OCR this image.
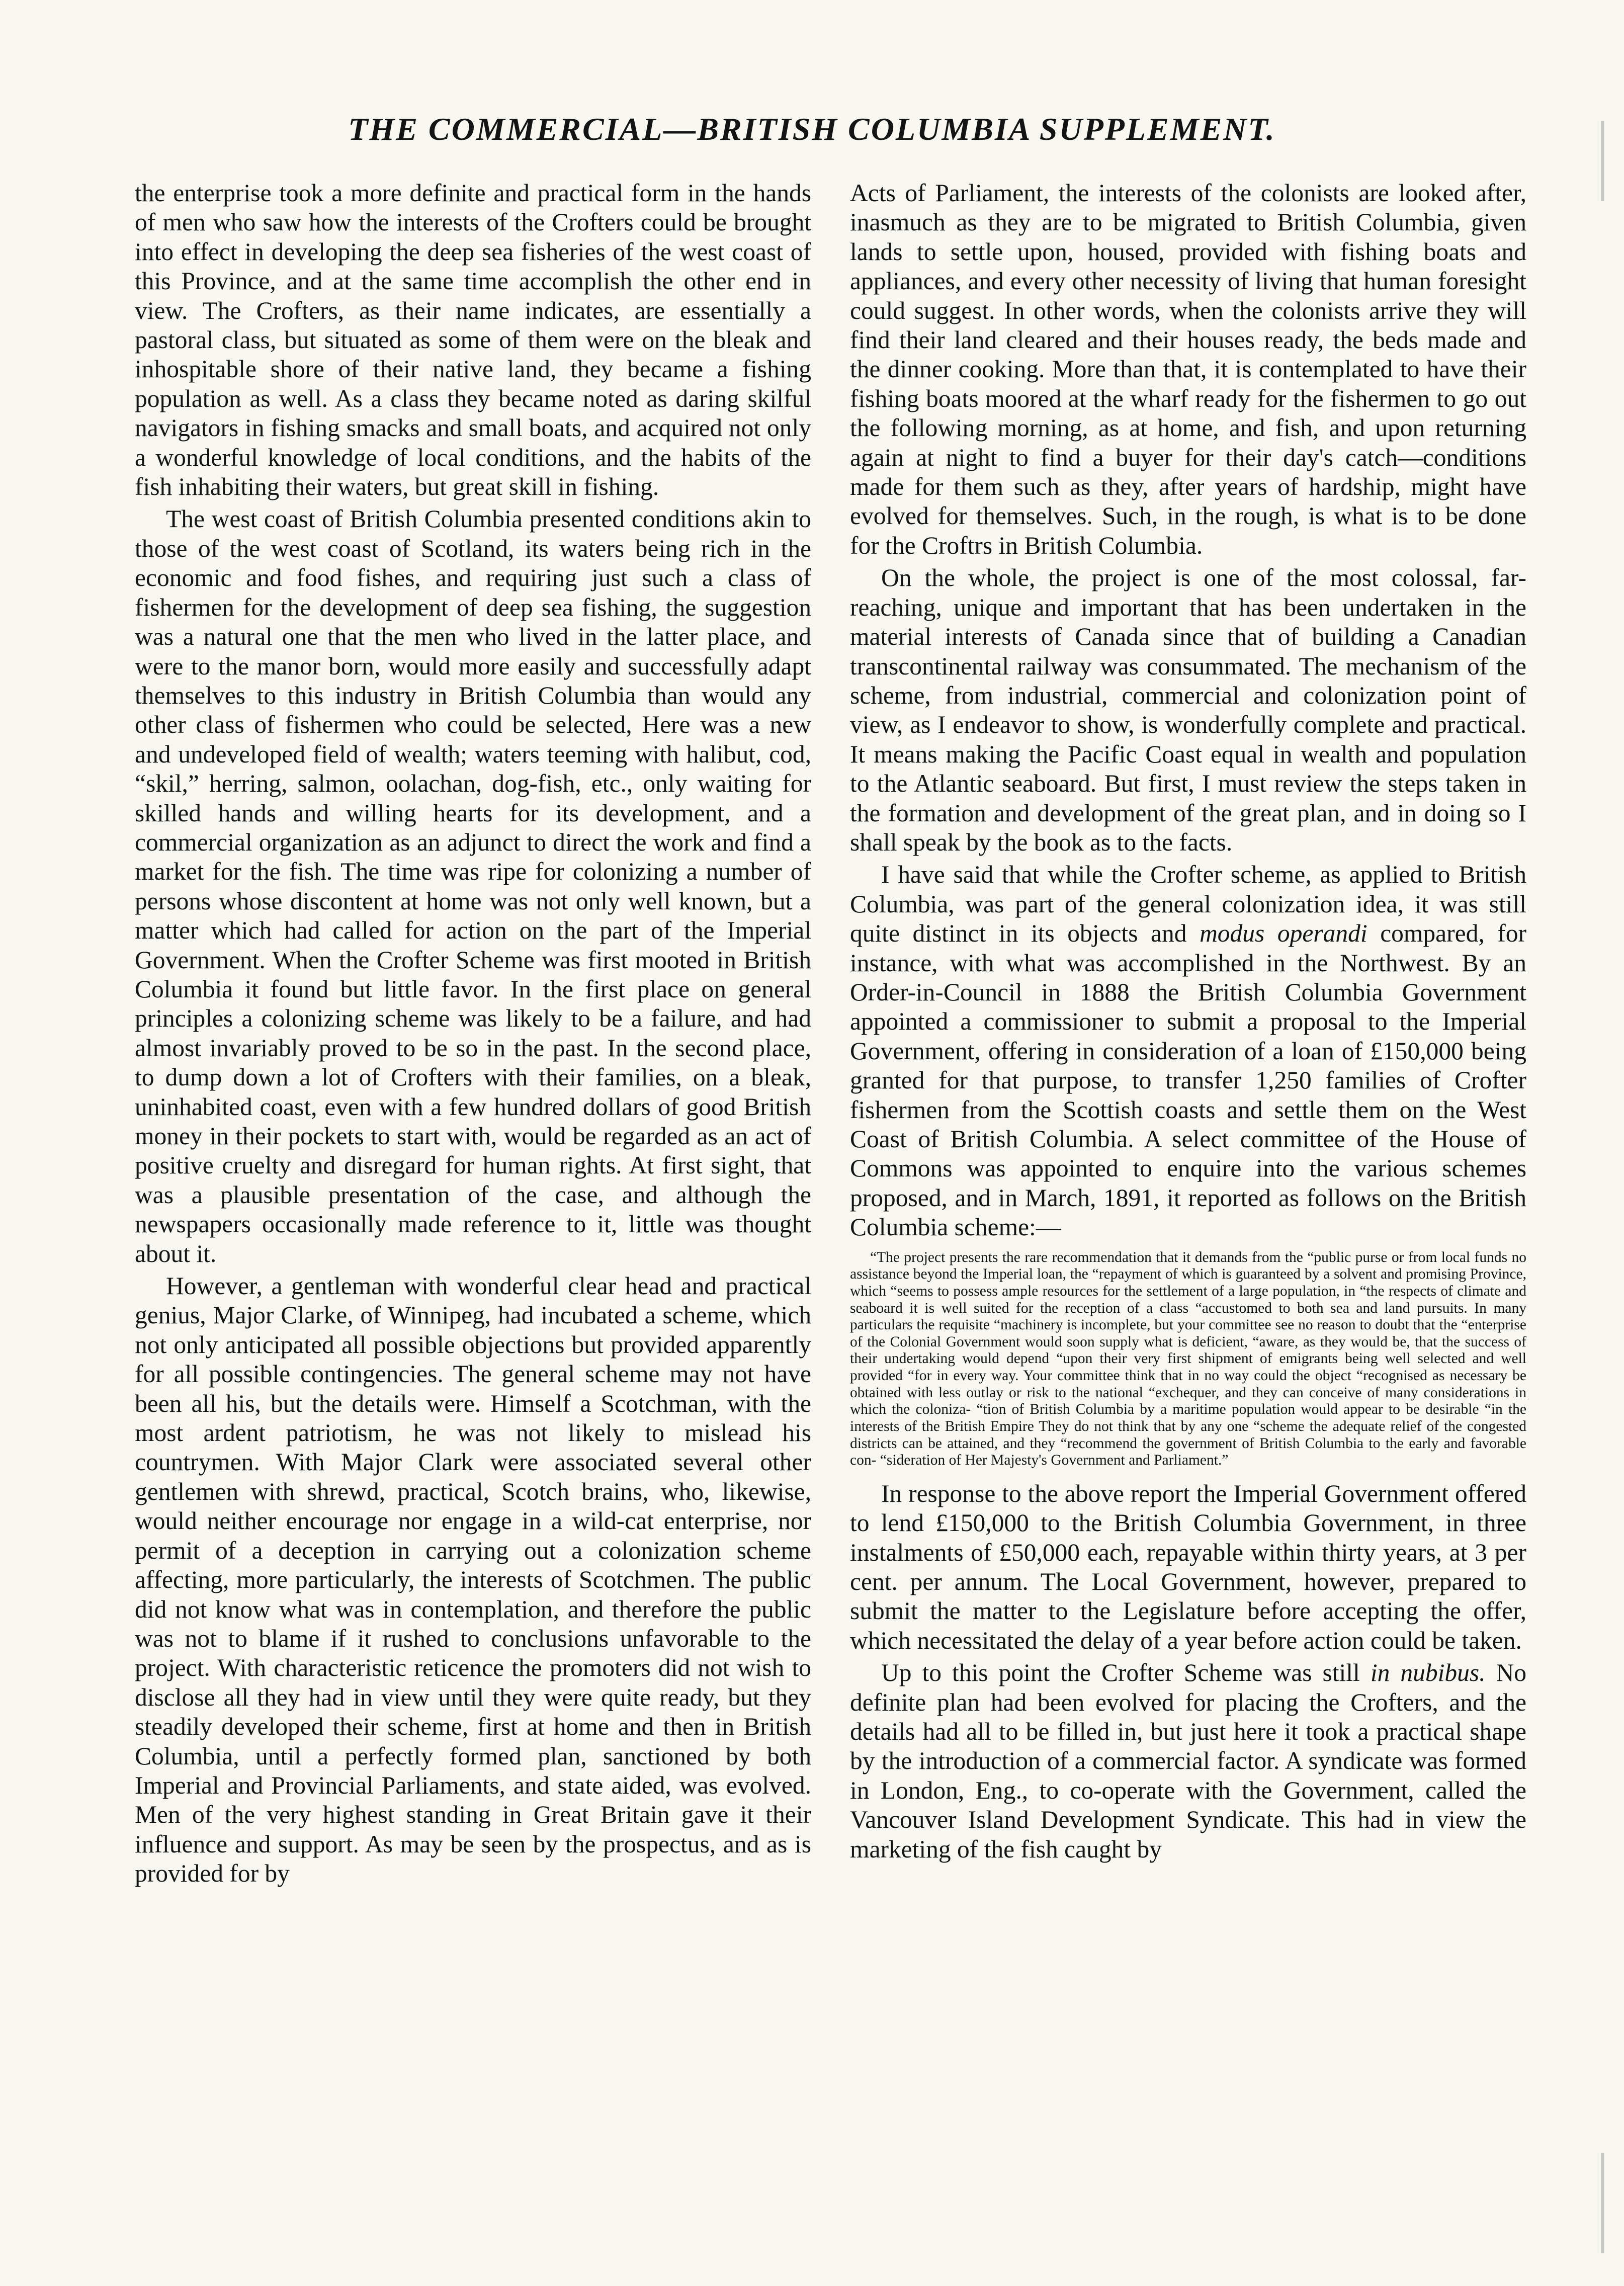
THE COMMERCIAL—BRITISH COLUMBIA SUPPLEMENT.

the enterprise took a more definite and practical form in the hands of men who saw how the interests of the Crofters could be brought into effect in developing the deep sea fisheries of the west coast of this Province, and at the same time accomplish the other end in view. The Crofters, as their name indicates, are essentially a pastoral class, but situated as some of them were on the bleak and inhospitable shore of their native land, they became a fishing population as well. As a class they became noted as daring skilful navigators in fishing smacks and small boats, and acquired not only a wonderful knowledge of local conditions, and the habits of the fish inhabiting their waters, but great skill in fishing.

The west coast of British Columbia presented conditions akin to those of the west coast of Scotland, its waters being rich in the economic and food fishes, and requiring just such a class of fishermen for the development of deep sea fishing, the suggestion was a natural one that the men who lived in the latter place, and were to the manor born, would more easily and successfully adapt themselves to this industry in British Columbia than would any other class of fishermen who could be selected, Here was a new and undeveloped field of wealth; waters teeming with halibut, cod, “skil,” herring, salmon, oolachan, dog-fish, etc., only waiting for skilled hands and willing hearts for its development, and a commercial organization as an adjunct to direct the work and find a market for the fish. The time was ripe for colonizing a number of persons whose discontent at home was not only well known, but a matter which had called for action on the part of the Imperial Government. When the Crofter Scheme was first mooted in British Columbia it found but little favor. In the first place on general principles a colonizing scheme was likely to be a failure, and had almost invariably proved to be so in the past. In the second place, to dump down a lot of Crofters with their families, on a bleak, uninhabited coast, even with a few hundred dollars of good British money in their pockets to start with, would be regarded as an act of positive cruelty and disregard for human rights. At first sight, that was a plausible presentation of the case, and although the newspapers occasionally made reference to it, little was thought about it.

However, a gentleman with wonderful clear head and practical genius, Major Clarke, of Winnipeg, had incubated a scheme, which not only anticipated all possible objections but provided apparently for all possible contingencies. The general scheme may not have been all his, but the details were. Himself a Scotchman, with the most ardent patriotism, he was not likely to mislead his countrymen. With Major Clark were associated several other gentlemen with shrewd, practical, Scotch brains, who, likewise, would neither encourage nor engage in a wild-cat enterprise, nor permit of a deception in carrying out a colonization scheme affecting, more particularly, the interests of Scotchmen. The public did not know what was in contemplation, and therefore the public was not to blame if it rushed to conclusions unfavorable to the project. With characteristic reticence the promoters did not wish to disclose all they had in view until they were quite ready, but they steadily developed their scheme, first at home and then in British Columbia, until a perfectly formed plan, sanctioned by both Imperial and Provincial Parliaments, and state aided, was evolved. Men of the very highest standing in Great Britain gave it their influence and support. As may be seen by the prospectus, and as is provided for by

Acts of Parliament, the interests of the colonists are looked after, inasmuch as they are to be migrated to British Columbia, given lands to settle upon, housed, provided with fishing boats and appliances, and every other necessity of living that human foresight could suggest. In other words, when the colonists arrive they will find their land cleared and their houses ready, the beds made and the dinner cooking. More than that, it is contemplated to have their fishing boats moored at the wharf ready for the fishermen to go out the following morning, as at home, and fish, and upon returning again at night to find a buyer for their day's catch—conditions made for them such as they, after years of hardship, might have evolved for themselves. Such, in the rough, is what is to be done for the Croftrs in British Columbia.

On the whole, the project is one of the most colossal, far-reaching, unique and important that has been undertaken in the material interests of Canada since that of building a Canadian transcontinental railway was consummated. The mechanism of the scheme, from industrial, commercial and colonization point of view, as I endeavor to show, is wonderfully complete and practical. It means making the Pacific Coast equal in wealth and population to the Atlantic seaboard. But first, I must review the steps taken in the formation and development of the great plan, and in doing so I shall speak by the book as to the facts.

I have said that while the Crofter scheme, as applied to British Columbia, was part of the general colonization idea, it was still quite distinct in its objects and modus operandi compared, for instance, with what was accomplished in the Northwest. By an Order-in-Council in 1888 the British Columbia Government appointed a commissioner to submit a proposal to the Imperial Government, offering in consideration of a loan of £150,000 being granted for that purpose, to transfer 1,250 families of Crofter fishermen from the Scottish coasts and settle them on the West Coast of British Columbia. A select committee of the House of Commons was appointed to enquire into the various schemes proposed, and in March, 1891, it reported as follows on the British Columbia scheme:—

“The project presents the rare recommendation that it demands from the “public purse or from local funds no assistance beyond the Imperial loan, the “repayment of which is guaranteed by a solvent and promising Province, which “seems to possess ample resources for the settlement of a large population, in “the respects of climate and seaboard it is well suited for the reception of a class “accustomed to both sea and land pursuits. In many particulars the requisite “machinery is incomplete, but your committee see no reason to doubt that the “enterprise of the Colonial Government would soon supply what is deficient, “aware, as they would be, that the success of their undertaking would depend “upon their very first shipment of emigrants being well selected and well provided “for in every way. Your committee think that in no way could the object “recognised as necessary be obtained with less outlay or risk to the national “exchequer, and they can conceive of many considerations in which the coloniza- “tion of British Columbia by a maritime population would appear to be desirable “in the interests of the British Empire They do not think that by any one “scheme the adequate relief of the congested districts can be attained, and they “recommend the government of British Columbia to the early and favorable con- “sideration of Her Majesty's Government and Parliament.”

In response to the above report the Imperial Government offered to lend £150,000 to the British Columbia Government, in three instalments of £50,000 each, repayable within thirty years, at 3 per cent. per annum. The Local Government, however, prepared to submit the matter to the Legislature before accepting the offer, which necessitated the delay of a year before action could be taken.

Up to this point the Crofter Scheme was still in nubibus. No definite plan had been evolved for placing the Crofters, and the details had all to be filled in, but just here it took a practical shape by the introduction of a commercial factor. A syndicate was formed in London, Eng., to co-operate with the Government, called the Vancouver Island Development Syndicate. This had in view the marketing of the fish caught by
